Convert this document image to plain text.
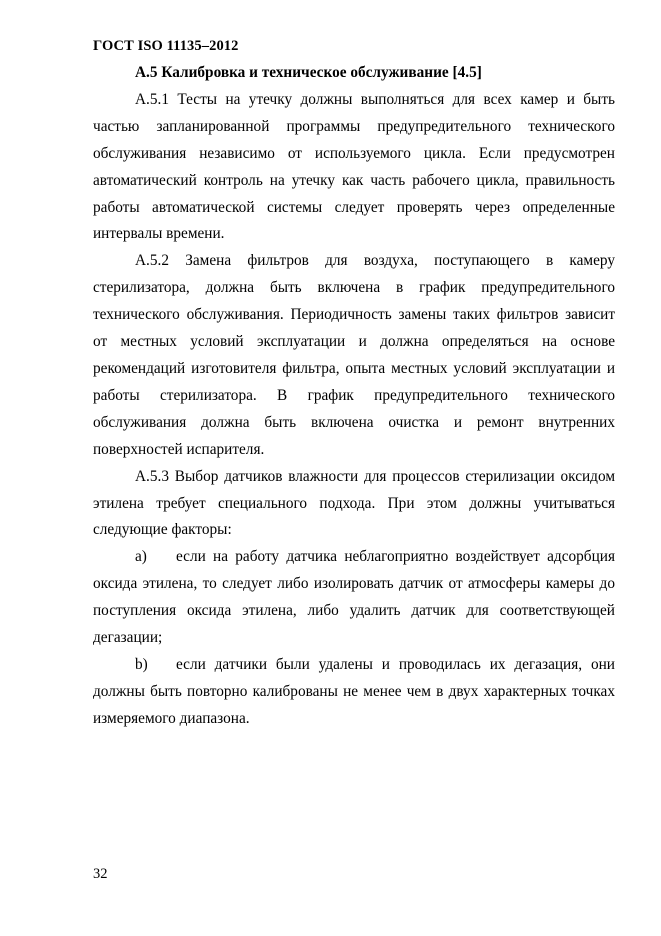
ГОСТ ISO 11135–2012

А.5 Калибровка и техническое обслуживание [4.5]

А.5.1 Тесты на утечку должны выполняться для всех камер и быть частью запланированной программы предупредительного технического обслуживания независимо от используемого цикла. Если предусмотрен автоматический контроль на утечку как часть рабочего цикла, правильность работы автоматической системы следует проверять через определенные интервалы времени.

А.5.2 Замена фильтров для воздуха, поступающего в камеру стерилизатора, должна быть включена в график предупредительного технического обслуживания. Периодичность замены таких фильтров зависит от местных условий эксплуатации и должна определяться на основе рекомендаций изготовителя фильтра, опыта местных условий эксплуатации и работы стерилизатора. В график предупредительного технического обслуживания должна быть включена очистка и ремонт внутренних поверхностей испарителя.

А.5.3 Выбор датчиков влажности для процессов стерилизации оксидом этилена требует специального подхода. При этом должны учитываться следующие факторы:

a) если на работу датчика неблагоприятно воздействует адсорбция оксида этилена, то следует либо изолировать датчик от атмосферы камеры до поступления оксида этилена, либо удалить датчик для соответствующей дегазации;

b) если датчики были удалены и проводилась их дегазация, они должны быть повторно калиброваны не менее чем в двух характерных точках измеряемого диапазона.

32
